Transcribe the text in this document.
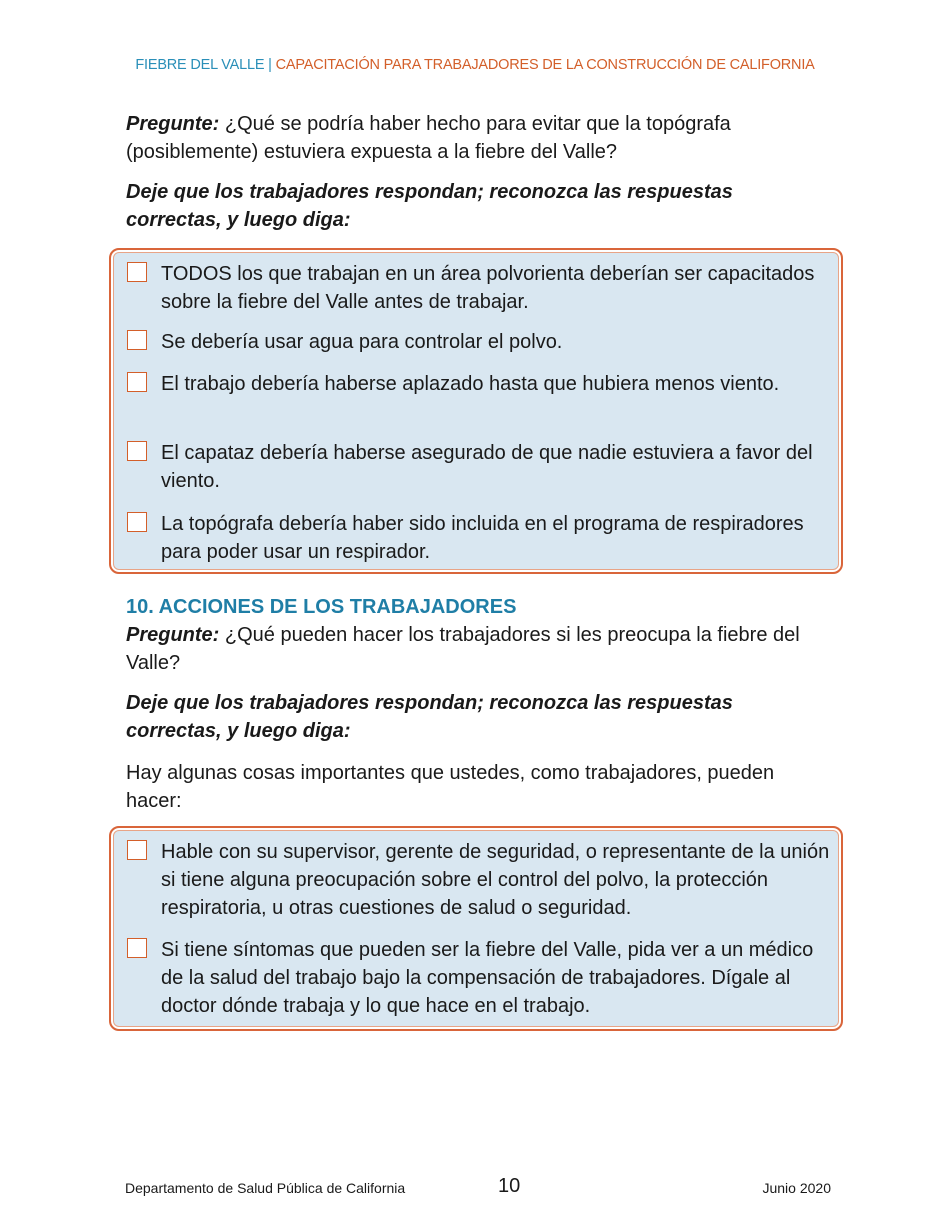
FIEBRE DEL VALLE | CAPACITACIÓN PARA TRABAJADORES DE LA CONSTRUCCIÓN DE CALIFORNIA

Pregunte: ¿Qué se podría haber hecho para evitar que la topógrafa (posiblemente) estuviera expuesta a la fiebre del Valle?

Deje que los trabajadores respondan; reconozca las respuestas correctas, y luego diga:

TODOS los que trabajan en un área polvorienta deberían ser capacitados sobre la fiebre del Valle antes de trabajar.
Se debería usar agua para controlar el polvo.
El trabajo debería haberse aplazado hasta que hubiera menos viento.
El capataz debería haberse asegurado de que nadie estuviera a favor del viento.
La topógrafa debería haber sido incluida en el programa de respiradores para poder usar un respirador.
10. ACCIONES DE LOS TRABAJADORES

Pregunte: ¿Qué pueden hacer los trabajadores si les preocupa la fiebre del Valle?

Deje que los trabajadores respondan; reconozca las respuestas correctas, y luego diga:

Hay algunas cosas importantes que ustedes, como trabajadores, pueden hacer:

Hable con su supervisor, gerente de seguridad, o representante de la unión si tiene alguna preocupación sobre el control del polvo, la protección respiratoria, u otras cuestiones de salud o seguridad.
Si tiene síntomas que pueden ser la fiebre del Valle, pida ver a un médico de la salud del trabajo bajo la compensación de trabajadores. Dígale al doctor dónde trabaja y lo que hace en el trabajo.
Departamento de Salud Pública de California	10	Junio 2020
